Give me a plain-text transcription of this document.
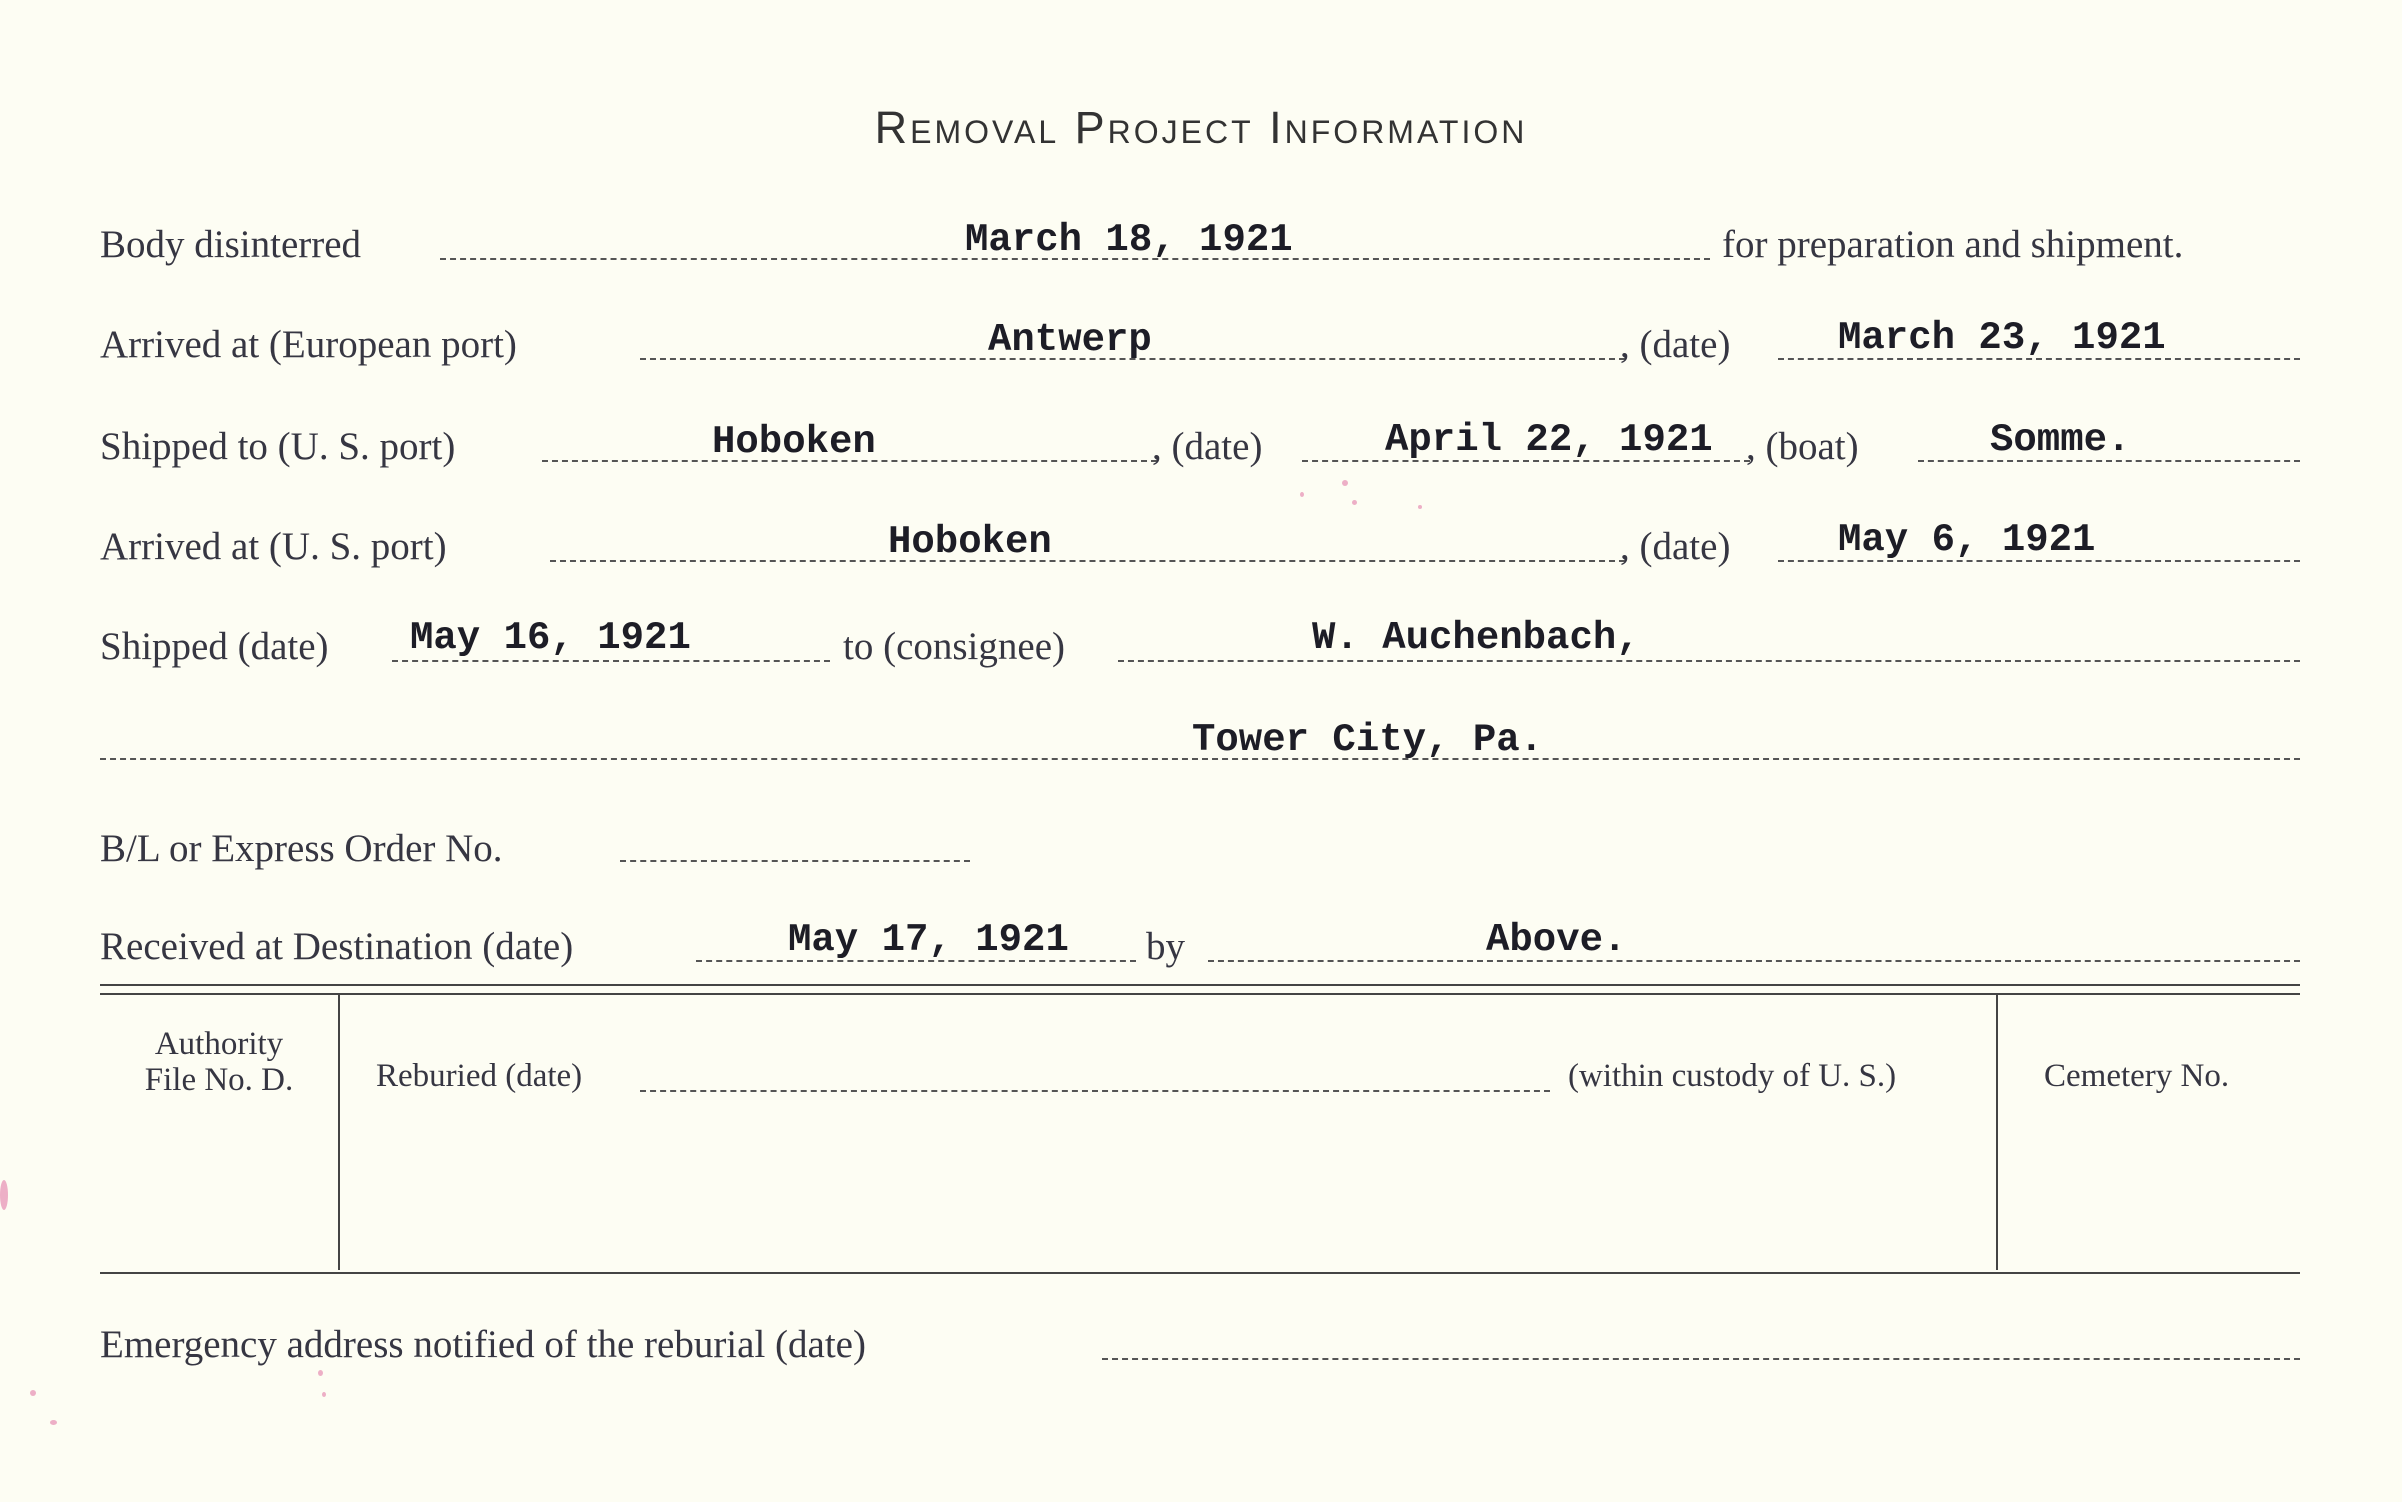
Removal Project Information
Body disinterred	March 18, 1921	for preparation and shipment.
Arrived at (European port)	Antwerp	, (date)	March 23, 1921
Shipped to (U. S. port)	Hoboken	, (date)	April 22, 1921 , (boat)	Somme.
Arrived at (U. S. port)	Hoboken	, (date)	May 6, 1921
Shipped (date) May 16, 1921	to (consignee)	W. Auchenbach,
Tower City, Pa.
B/L or Express Order No.
Received at Destination (date)	May 17, 1921 by	Above.
Authority
File No. D.	Reburied (date)	(within custody of U. S.)	Cemetery No.
Emergency address notified of the reburial (date)
